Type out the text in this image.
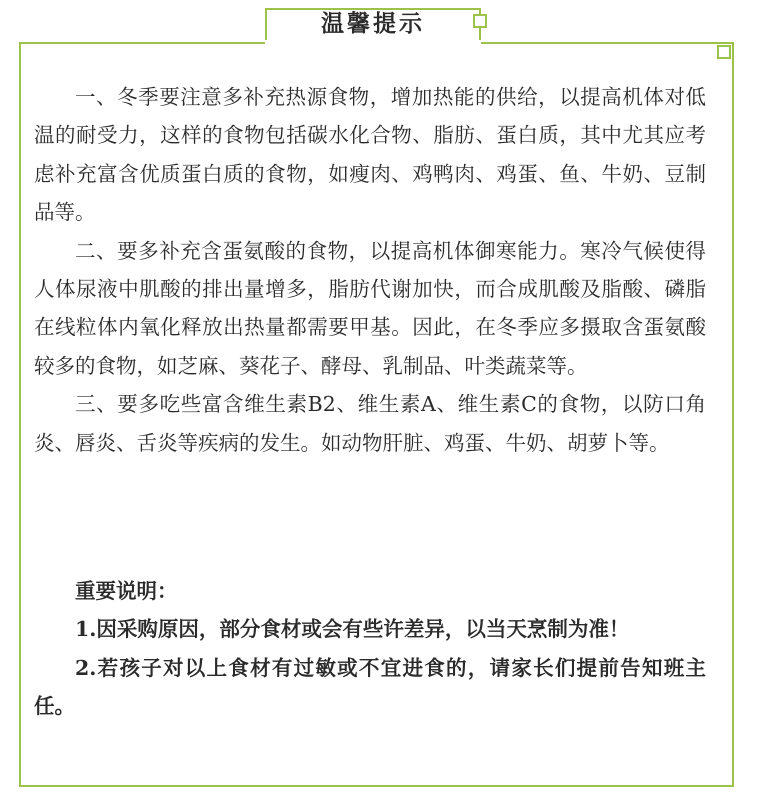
温馨提示

一、冬季要注意多补充热源食物，增加热能的供给，以提高机体对低温的耐受力，这样的食物包括碳水化合物、脂肪、蛋白质，其中尤其应考虑补充富含优质蛋白质的食物，如瘦肉、鸡鸭肉、鸡蛋、鱼、牛奶、豆制品等。

二、要多补充含蛋氨酸的食物，以提高机体御寒能力。寒冷气候使得人体尿液中肌酸的排出量增多，脂肪代谢加快，而合成肌酸及脂酸、磷脂在线粒体内氧化释放出热量都需要甲基。因此，在冬季应多摄取含蛋氨酸较多的食物，如芝麻、葵花子、酵母、乳制品、叶类蔬菜等。

三、要多吃些富含维生素B2、维生素A、维生素C的食物，以防口角炎、唇炎、舌炎等疾病的发生。如动物肝脏、鸡蛋、牛奶、胡萝卜等。

重要说明：

1.因采购原因，部分食材或会有些许差异，以当天烹制为准！

2.若孩子对以上食材有过敏或不宜进食的，请家长们提前告知班主任。
